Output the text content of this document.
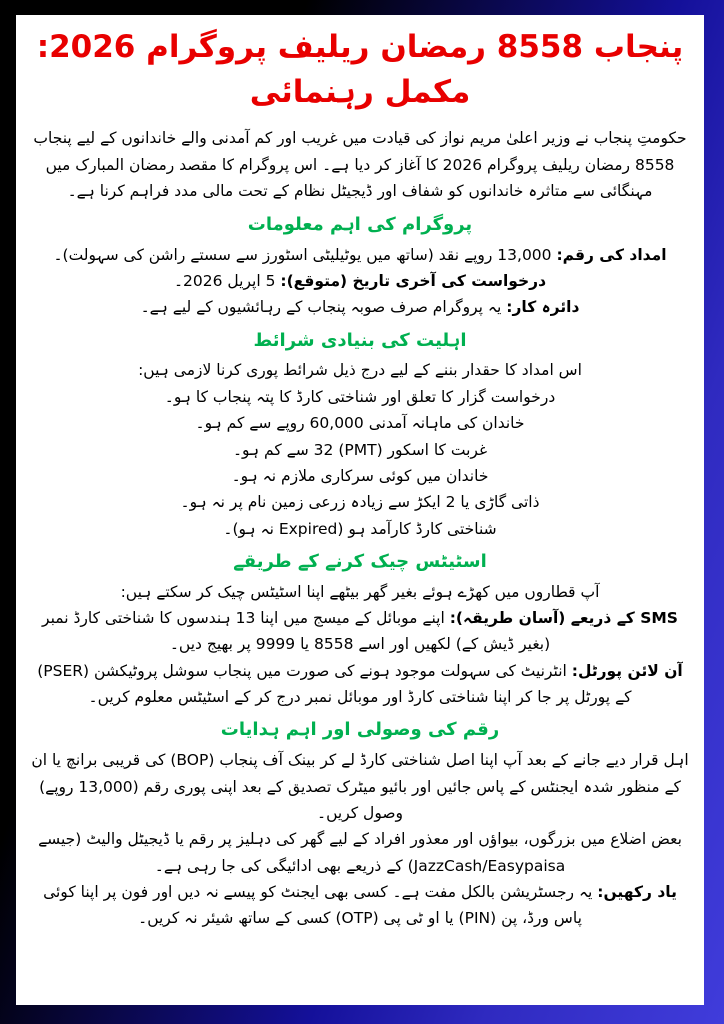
پنجاب 8558 رمضان ریلیف پروگرام 2026: مکمل رہنمائی
حکومتِ پنجاب نے وزیر اعلیٰ مریم نواز کی قیادت میں غریب اور کم آمدنی والے خاندانوں کے لیے پنجاب 8558 رمضان ریلیف پروگرام 2026 کا آغاز کر دیا ہے۔ اس پروگرام کا مقصد رمضان المبارک میں مہنگائی سے متاثرہ خاندانوں کو شفاف اور ڈیجیٹل نظام کے تحت مالی مدد فراہم کرنا ہے۔
پروگرام کی اہم معلومات
امداد کی رقم: 13,000 روپے نقد (ساتھ میں یوٹیلیٹی اسٹورز سے سستے راشن کی سہولت)۔
درخواست کی آخری تاریخ (متوقع): 5 اپریل 2026۔
دائرہ کار: یہ پروگرام صرف صوبہ پنجاب کے رہائشیوں کے لیے ہے۔
اہلیت کی بنیادی شرائط
اس امداد کا حقدار بننے کے لیے درج ذیل شرائط پوری کرنا لازمی ہیں:
درخواست گزار کا تعلق اور شناختی کارڈ کا پتہ پنجاب کا ہو۔
خاندان کی ماہانہ آمدنی 60,000 روپے سے کم ہو۔
غربت کا اسکور (PMT) 32 سے کم ہو۔
خاندان میں کوئی سرکاری ملازم نہ ہو۔
ذاتی گاڑی یا 2 ایکڑ سے زیادہ زرعی زمین نام پر نہ ہو۔
شناختی کارڈ کارآمد ہو (Expired نہ ہو)۔
اسٹیٹس چیک کرنے کے طریقے
آپ قطاروں میں کھڑے ہوئے بغیر گھر بیٹھے اپنا اسٹیٹس چیک کر سکتے ہیں:
SMS کے ذریعے (آسان طریقہ): اپنے موبائل کے میسج میں اپنا 13 ہندسوں کا شناختی کارڈ نمبر (بغیر ڈیش کے) لکھیں اور اسے 8558 یا 9999 پر بھیج دیں۔
آن لائن پورٹل: انٹرنیٹ کی سہولت موجود ہونے کی صورت میں پنجاب سوشل پروٹیکشن (PSER) کے پورٹل پر جا کر اپنا شناختی کارڈ اور موبائل نمبر درج کر کے اسٹیٹس معلوم کریں۔
رقم کی وصولی اور اہم ہدایات
اہل قرار دیے جانے کے بعد آپ اپنا اصل شناختی کارڈ لے کر بینک آف پنجاب (BOP) کی قریبی برانچ یا ان کے منظور شدہ ایجنٹس کے پاس جائیں اور بائیو میٹرک تصدیق کے بعد اپنی پوری رقم (13,000 روپے) وصول کریں۔
بعض اضلاع میں بزرگوں، بیواؤں اور معذور افراد کے لیے گھر کی دہلیز پر رقم یا ڈیجیٹل والیٹ (جیسے JazzCash/Easypaisa) کے ذریعے بھی ادائیگی کی جا رہی ہے۔
یاد رکھیں: یہ رجسٹریشن بالکل مفت ہے۔ کسی بھی ایجنٹ کو پیسے نہ دیں اور فون پر اپنا کوئی پاس ورڈ، پن (PIN) یا او ٹی پی (OTP) کسی کے ساتھ شیئر نہ کریں۔
